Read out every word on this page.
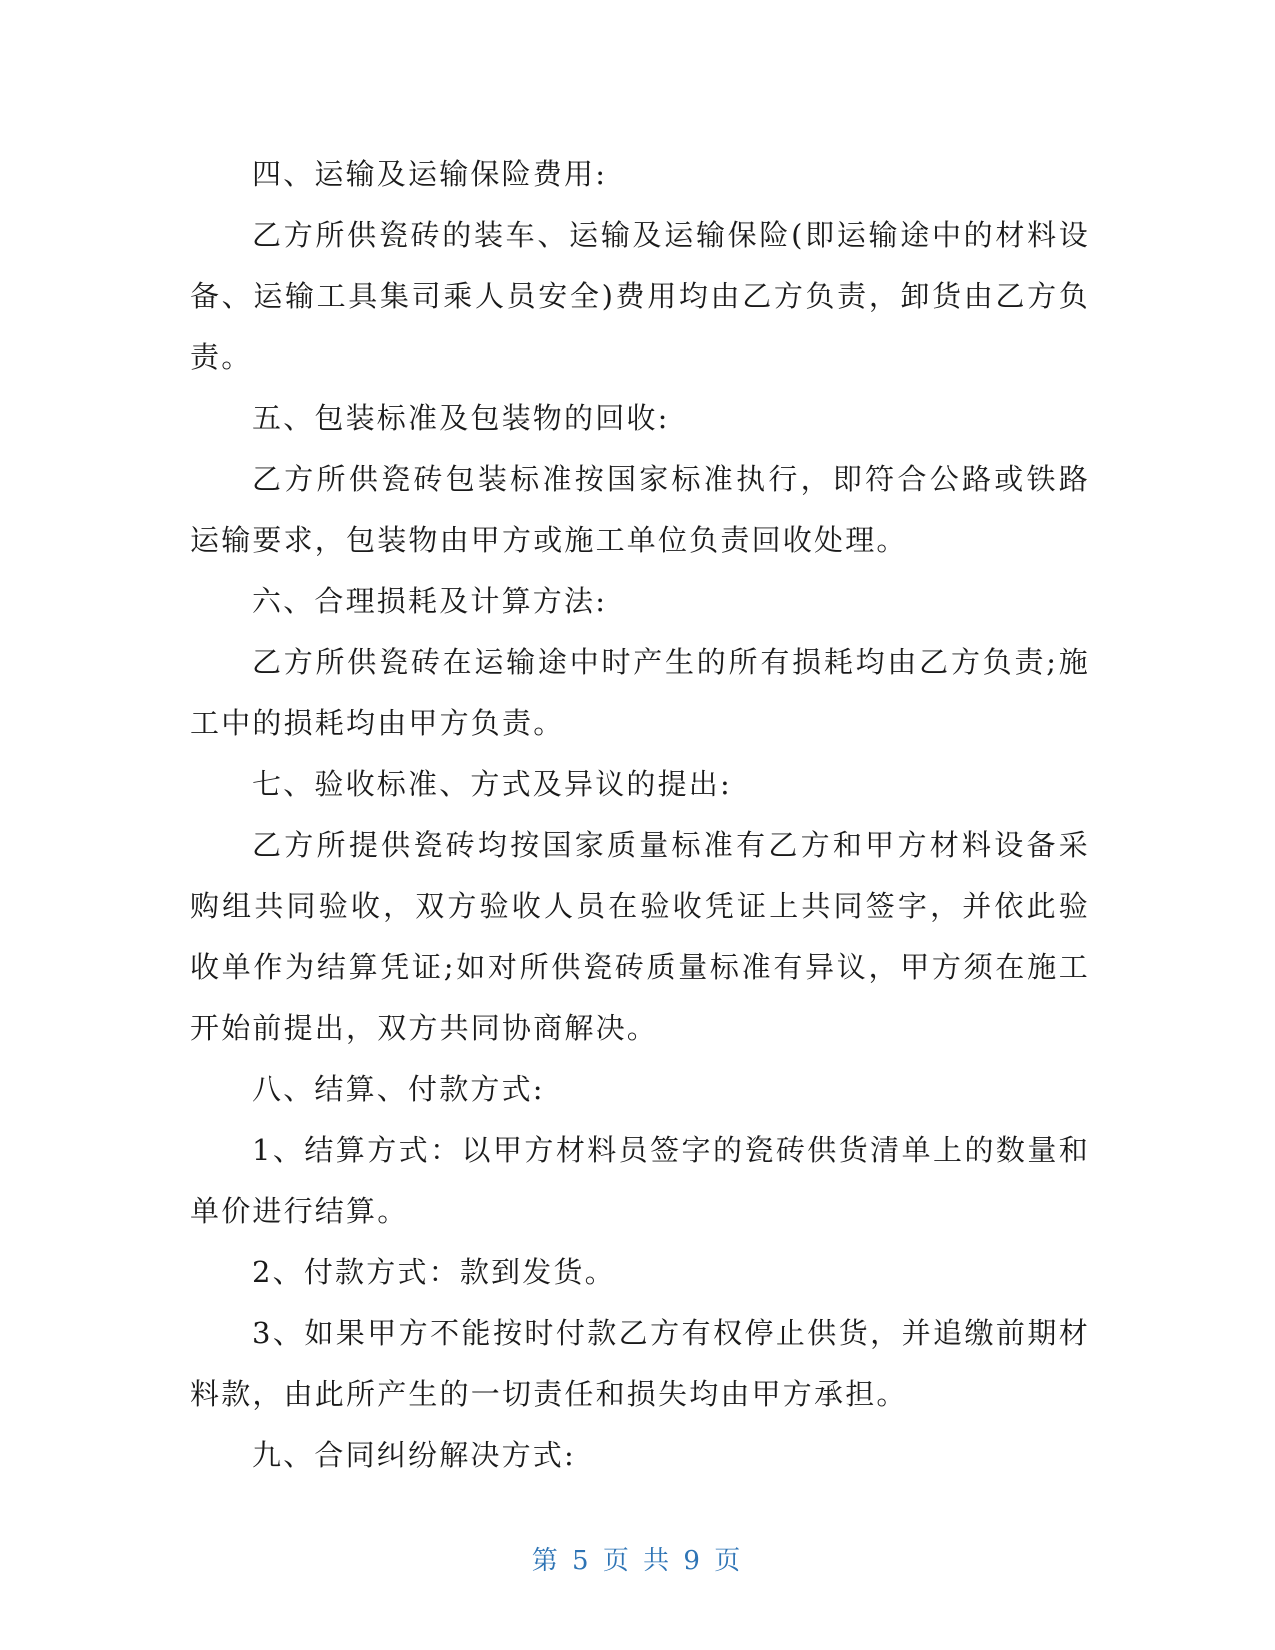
四、运输及运输保险费用:

乙方所供瓷砖的装车、运输及运输保险(即运输途中的材料设备、运输工具集司乘人员安全)费用均由乙方负责，卸货由乙方负责。

五、包装标准及包装物的回收:

乙方所供瓷砖包装标准按国家标准执行，即符合公路或铁路运输要求，包装物由甲方或施工单位负责回收处理。

六、合理损耗及计算方法:

乙方所供瓷砖在运输途中时产生的所有损耗均由乙方负责;施工中的损耗均由甲方负责。

七、验收标准、方式及异议的提出:

乙方所提供瓷砖均按国家质量标准有乙方和甲方材料设备采购组共同验收，双方验收人员在验收凭证上共同签字，并依此验收单作为结算凭证;如对所供瓷砖质量标准有异议，甲方须在施工开始前提出，双方共同协商解决。

八、结算、付款方式:

1、结算方式：以甲方材料员签字的瓷砖供货清单上的数量和单价进行结算。

2、付款方式：款到发货。

3、如果甲方不能按时付款乙方有权停止供货，并追缴前期材料款，由此所产生的一切责任和损失均由甲方承担。

九、合同纠纷解决方式:

第 5 页 共 9 页
